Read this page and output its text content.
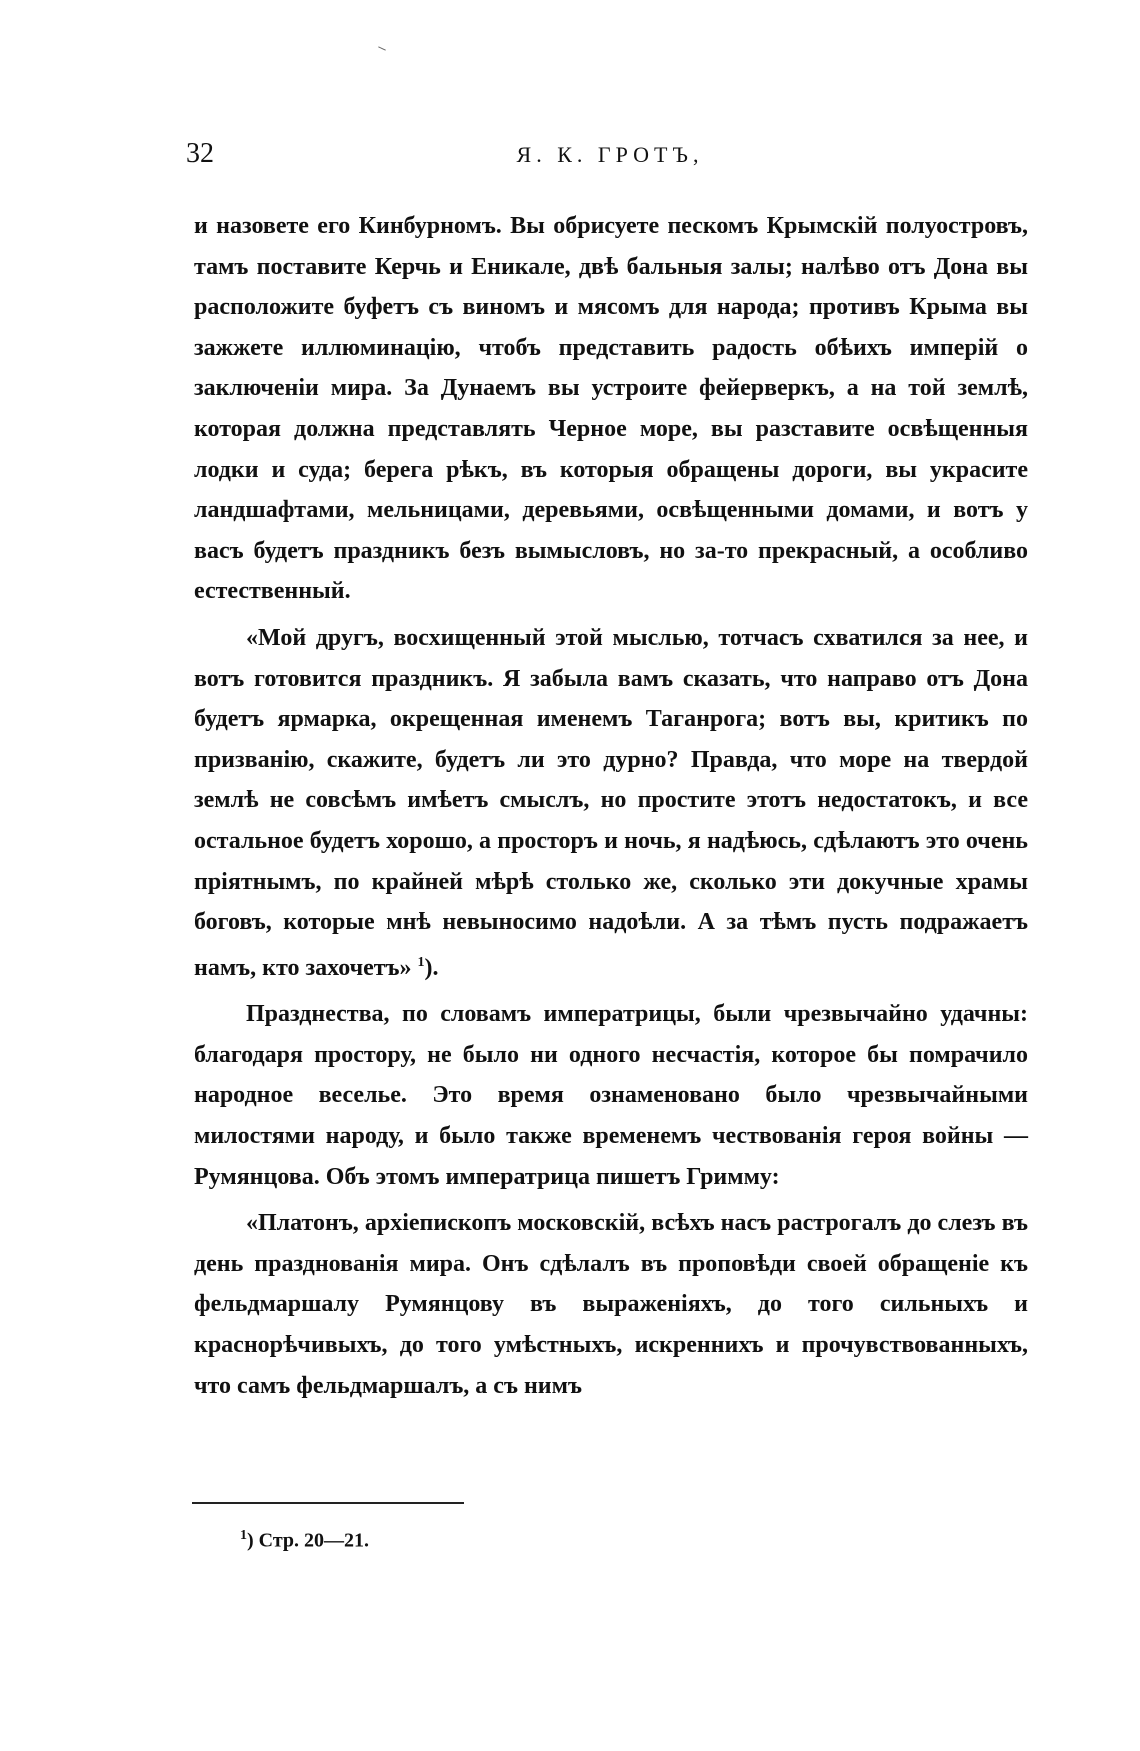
32	Я. К. ГРОТЪ,

и назовете его Кинбурномъ. Вы обрисуете пескомъ Крымскій полуостровъ, тамъ поставите Керчь и Еникале, двѣ бальныя залы; налѣво отъ Дона вы расположите буфетъ съ виномъ и мясомъ для народа; противъ Крыма вы зажжете иллюминацію, чтобъ представить радость обѣихъ имперій о заключеніи мира. За Дунаемъ вы устроите фейерверкъ, а на той землѣ, которая должна представлять Черное море, вы разставите освѣщенныя лодки и суда; берега рѣкъ, въ которыя обращены дороги, вы украсите ландшафтами, мельницами, деревьями, освѣщенными домами, и вотъ у васъ будетъ праздникъ безъ вымысловъ, но за-то прекрасный, а особливо естественный.

«Мой другъ, восхищенный этой мыслью, тотчасъ схватился за нее, и вотъ готовится праздникъ. Я забыла вамъ сказать, что направо отъ Дона будетъ ярмарка, окрещенная именемъ Таганрога; вотъ вы, критикъ по призванію, скажите, будетъ ли это дурно? Правда, что море на твердой землѣ не совсѣмъ имѣетъ смыслъ, но простите этотъ недостатокъ, и все остальное будетъ хорошо, а просторъ и ночь, я надѣюсь, сдѣлаютъ это очень пріятнымъ, по крайней мѣрѣ столько же, сколько эти докучные храмы боговъ, которые мнѣ невыносимо надоѣли. А за тѣмъ пусть подражаетъ намъ, кто захочетъ» $^1$).

Празднества, по словамъ императрицы, были чрезвычайно удачны: благодаря простору, не было ни одного несчастія, которое бы помрачило народное веселье. Это время ознаменовано было чрезвычайными милостями народу, и было также временемъ чествованія героя войны — Румянцова. Объ этомъ императрица пишетъ Гримму:

«Платонъ, архіепископъ московскій, всѣхъ насъ растрогалъ до слезъ въ день празднованія мира. Онъ сдѣлалъ въ проповѣди своей обращеніе къ фельдмаршалу Румянцову въ выраженіяхъ, до того сильныхъ и краснорѣчивыхъ, до того умѣстныхъ, искреннихъ и прочувствованныхъ, что самъ фельдмаршалъ, а съ нимъ

$^1$) Стр. 20—21.
